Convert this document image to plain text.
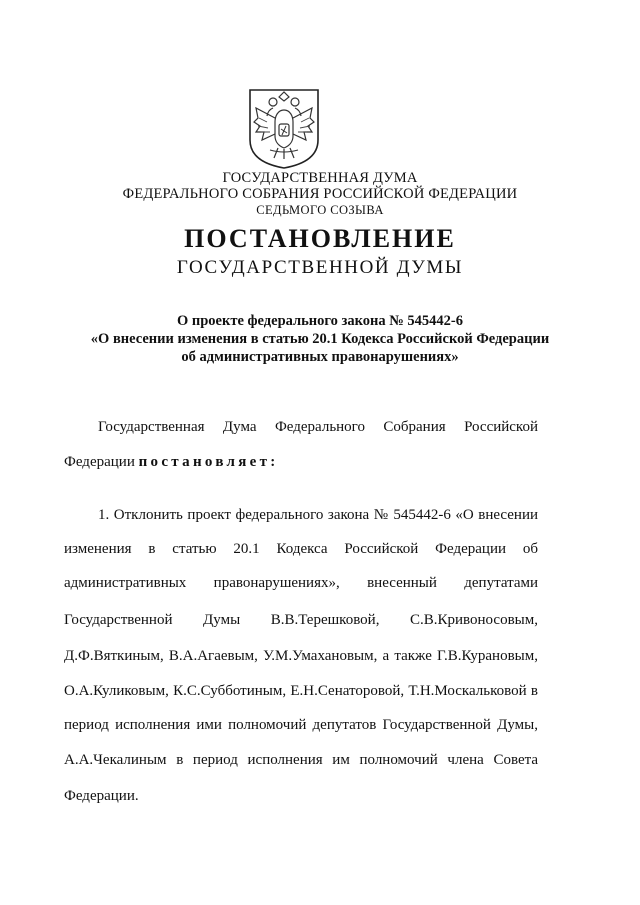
ГОСУДАРСТВЕННАЯ ДУМА
ФЕДЕРАЛЬНОГО СОБРАНИЯ РОССИЙСКОЙ ФЕДЕРАЦИИ
СЕДЬМОГО СОЗЫВА
ПОСТАНОВЛЕНИЕ
ГОСУДАРСТВЕННОЙ ДУМЫ
О проекте федерального закона № 545442-6
«О внесении изменения в статью 20.1 Кодекса Российской Федерации
об административных правонарушениях»
Государственная Дума Федерального Собрания Российской
Федерации постановляет:
1. Отклонить проект федерального закона № 545442-6 «О внесении
изменения в статью 20.1 Кодекса Российской Федерации об
административных правонарушениях», внесенный депутатами
Государственной Думы В.В.Терешковой, С.В.Кривоносовым,
Д.Ф.Вяткиным, В.А.Агаевым, У.М.Умахановым, а также Г.В.Курановым,
О.А.Куликовым, К.С.Субботиным, Е.Н.Сенаторовой, Т.Н.Москальковой в
период исполнения ими полномочий депутатов Государственной Думы,
А.А.Чекалиным в период исполнения им полномочий члена Совета
Федерации.
